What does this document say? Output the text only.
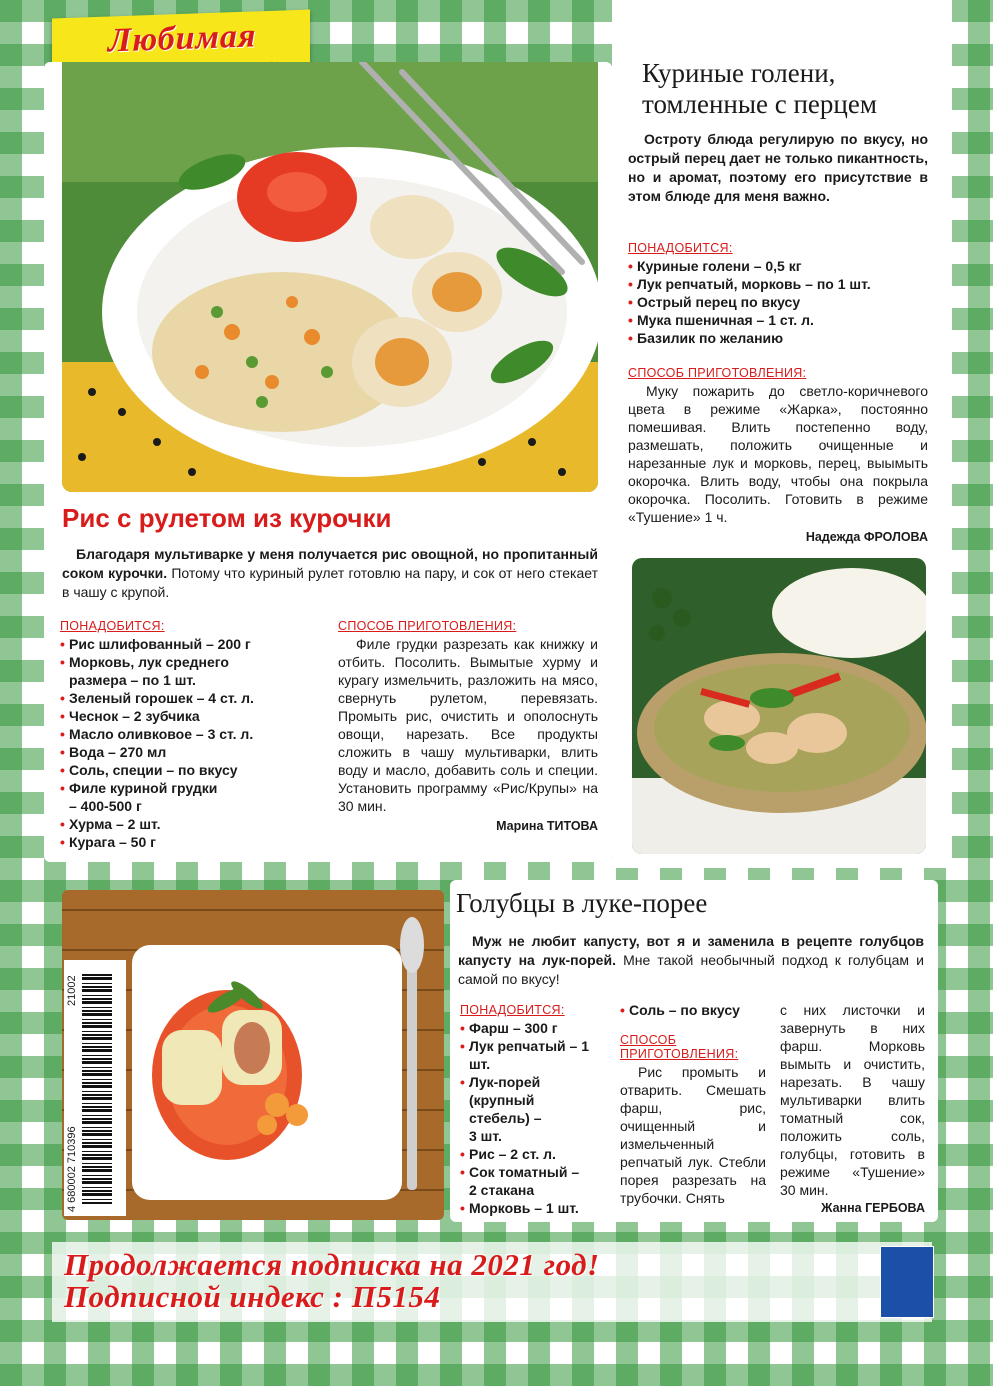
Любимая
Рис с рулетом из курочки

Благодаря мультиварке у меня получается рис овощной, но пропитанный соком курочки. Потому что куриный рулет готовлю на пару, и сок от него стекает в чашу с крупой.

ПОНАДОБИТСЯ:
• Рис шлифованный – 200 г
• Морковь, лук среднего размера – по 1 шт.
• Зеленый горошек – 4 ст. л.
• Чеснок – 2 зубчика
• Масло оливковое – 3 ст. л.
• Вода – 270 мл
• Соль, специи – по вкусу
• Филе куриной грудки – 400-500 г
• Хурма – 2 шт.
• Курага – 50 г
СПОСОБ ПРИГОТОВЛЕНИЯ:

Филе грудки разрезать как книжку и отбить. Посолить. Вымытые хурму и курагу измельчить, разложить на мясо, свернуть рулетом, перевязать. Промыть рис, очистить и ополоснуть овощи, нарезать. Все продукты сложить в чашу мультиварки, влить воду и масло, добавить соль и специи. Установить программу «Рис/Крупы» на 30 мин.

Марина ТИТОВА
Куриные голени,
томленные с перцем

Остроту блюда регулирую по вкусу, но острый перец дает не только пикантность, но и аромат, поэтому его присутствие в этом блюде для меня важно.

ПОНАДОБИТСЯ:
• Куриные голени – 0,5 кг
• Лук репчатый, морковь – по 1 шт.
• Острый перец по вкусу
• Мука пшеничная – 1 ст. л.
• Базилик по желанию
СПОСОБ ПРИГОТОВЛЕНИЯ:

Муку пожарить до светло-коричневого цвета в режиме «Жарка», постоянно помешивая. Влить постепенно воду, размешать, положить очищенные и нарезанные лук и морковь, перец, выымыть окорочка. Влить воду, чтобы она покрыла окорочка. Посолить. Готовить в режиме «Тушение» 1 ч.

Надежда ФРОЛОВА
21002
4 680002 710396
Голубцы в луке-порее

Муж не любит капусту, вот я и заменила в рецепте голубцов капусту на лук-порей. Мне такой необычный подход к голубцам и самой по вкусу!

ПОНАДОБИТСЯ:
• Фарш – 300 г
• Лук репчатый – 1 шт.
• Лук-порей (крупный стебель) – 3 шт.
• Рис – 2 ст. л.
• Сок томатный – 2 стакана
• Морковь – 1 шт.
• Соль – по вкусу
СПОСОБ
ПРИГОТОВЛЕНИЯ:

Рис промыть и отварить. Смешать фарш, рис, очищенный и измельченный репчатый лук. Стебли порея разрезать на трубочки. Снять

с них листочки и завернуть в них фарш. Морковь вымыть и очистить, нарезать. В чашу мультиварки влить томатный сок, положить соль, голубцы, готовить в режиме «Тушение» 30 мин.

Жанна ГЕРБОВА
Продолжается подписка на 2021 год!
Подписной индекс : П5154
